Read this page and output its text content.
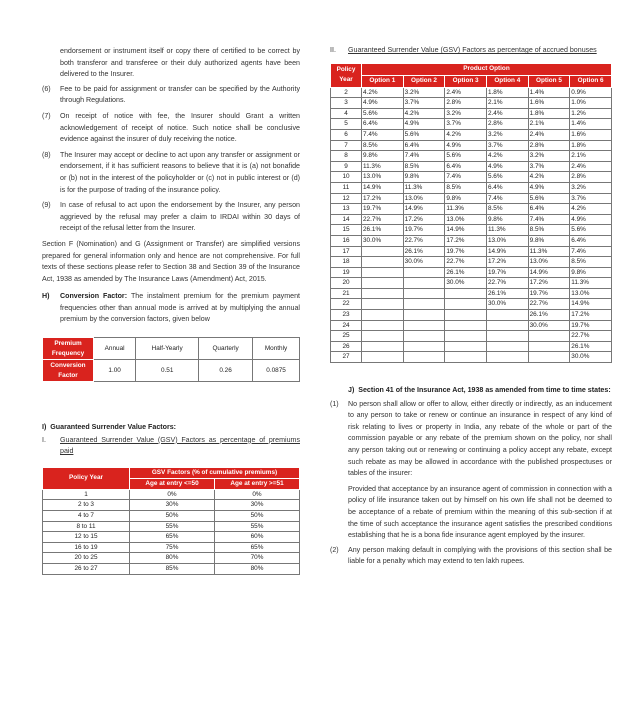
endorsement or instrument itself or copy there of certified to be correct by both transferor and transferee or their duly authorized agents have been delivered to the Insurer.

(6) Fee to be paid for assignment or transfer can be specified by the Authority through Regulations.

(7) On receipt of notice with fee, the Insurer should Grant a written acknowledgement of receipt of notice. Such notice shall be conclusive evidence against the insurer of duly receiving the notice.

(8) The Insurer may accept or decline to act upon any transfer or assignment or endorsement, if it has sufficient reasons to believe that it is (a) not bonafide or (b) not in the interest of the policyholder or (c) not in public interest or (d) is for the purpose of trading of the insurance policy.

(9) In case of refusal to act upon the endorsement by the Insurer, any person aggrieved by the refusal may prefer a claim to IRDAI within 30 days of receipt of the refusal letter from the Insurer.

Section F (Nomination) and G (Assignment or Transfer) are simplified versions prepared for general information only and hence are not comprehensive. For full texts of these sections please refer to Section 38 and Section 39 of the Insurance Act, 1938 as amended by The Insurance Laws (Amendment) Act, 2015.

H) Conversion Factor: The instalment premium for the premium payment frequencies other than annual mode is arrived at by multiplying the annual premium by the conversion factors, given below

Premium Frequency	Annual	Half-Yearly	Quarterly	Monthly
Conversion Factor	1.00	0.51	0.26	0.0875

I)  Guaranteed Surrender Value Factors:

I. Guaranteed Surrender Value (GSV) Factors as percentage of premiums paid

Policy Year	GSV Factors (% of cumulative premiums)	
	Age at entry <=50	Age at entry >=51
1	0%	0%
2 to 3	30%	30%
4 to 7	50%	50%
8 to 11	55%	55%
12 to 15	65%	60%
16 to 19	75%	65%
20 to 25	80%	70%
26 to 27	85%	80%

II. Guaranteed Surrender Value (GSV) Factors as percentage of accrued bonuses

Policy Year	Product Option					
	Option 1	Option 2	Option 3	Option 4	Option 5	Option 6
2	4.2%	3.2%	2.4%	1.8%	1.4%	0.9%
3	4.9%	3.7%	2.8%	2.1%	1.6%	1.0%
4	5.6%	4.2%	3.2%	2.4%	1.8%	1.2%
5	6.4%	4.9%	3.7%	2.8%	2.1%	1.4%
6	7.4%	5.6%	4.2%	3.2%	2.4%	1.6%
7	8.5%	6.4%	4.9%	3.7%	2.8%	1.8%
8	9.8%	7.4%	5.6%	4.2%	3.2%	2.1%
9	11.3%	8.5%	6.4%	4.9%	3.7%	2.4%
10	13.0%	9.8%	7.4%	5.6%	4.2%	2.8%
11	14.9%	11.3%	8.5%	6.4%	4.9%	3.2%
12	17.2%	13.0%	9.8%	7.4%	5.6%	3.7%
13	19.7%	14.9%	11.3%	8.5%	6.4%	4.2%
14	22.7%	17.2%	13.0%	9.8%	7.4%	4.9%
15	26.1%	19.7%	14.9%	11.3%	8.5%	5.6%
16	30.0%	22.7%	17.2%	13.0%	9.8%	6.4%
17		26.1%	19.7%	14.9%	11.3%	7.4%
18		30.0%	22.7%	17.2%	13.0%	8.5%
19			26.1%	19.7%	14.9%	9.8%
20			30.0%	22.7%	17.2%	11.3%
21				26.1%	19.7%	13.0%
22				30.0%	22.7%	14.9%
23					26.1%	17.2%
24					30.0%	19.7%
25						22.7%
26						26.1%
27						30.0%

J)  Section 41 of the Insurance Act, 1938 as amended from time to time states:

(1) No person shall allow or offer to allow, either directly or indirectly, as an inducement to any person to take or renew or continue an insurance in respect of any kind of risk relating to lives or property in India, any rebate of the whole or part of the commission payable or any rebate of the premium shown on the policy, nor shall any person taking out or renewing or continuing a policy accept any rebate, except such rebate as may be allowed in accordance with the published prospectuses or tables of the insurer:

Provided that acceptance by an insurance agent of commission in connection with a policy of life insurance taken out by himself on his own life shall not be deemed to be acceptance of a rebate of premium within the meaning of this sub-section if at the time of such acceptance the insurance agent satisfies the prescribed conditions establishing that he is a bona fide insurance agent employed by the insurer.

(2) Any person making default in complying with the provisions of this section shall be liable for a penalty which may extend to ten lakh rupees.
